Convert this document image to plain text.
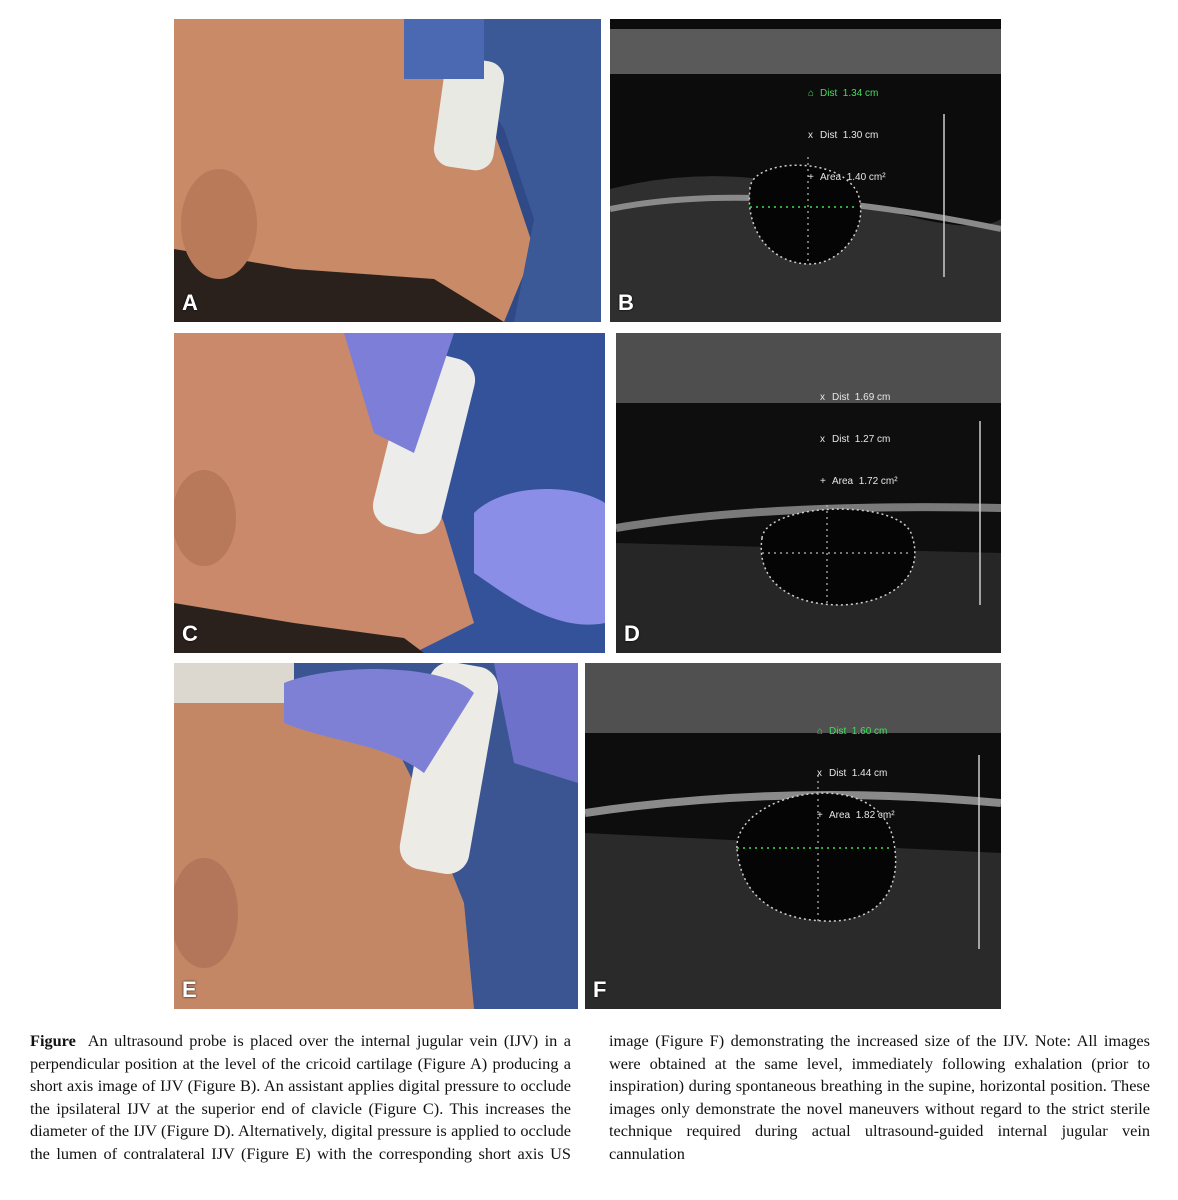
A

⌂ Dist 1.34 cm

x Dist 1.30 cm

+ Area 1.40 cm²

B
C

x Dist 1.69 cm

x Dist 1.27 cm

+ Area 1.72 cm²

D
E

⌂ Dist 1.60 cm

x Dist 1.44 cm

+ Area 1.82 cm²

F
Figure An ultrasound probe is placed over the internal jugular vein (IJV) in a perpendicular position at the level of the cricoid cartilage (Figure A) producing a short axis image of IJV (Figure B). An assistant applies digital pressure to occlude the ipsilateral IJV at the superior end of clavicle (Figure C). This increases the diameter of the IJV (Figure D). Alternatively, digital pressure is applied to occlude the lumen of contralateral IJV (Figure E) with the corresponding short axis US image (Figure F) demonstrating the increased size of the IJV. Note: All images were obtained at the same level, immediately following exhalation (prior to inspiration) during spontaneous breathing in the supine, horizontal position. These images only demonstrate the novel maneuvers without regard to the strict sterile technique required during actual ultrasound-guided internal jugular vein cannulation
